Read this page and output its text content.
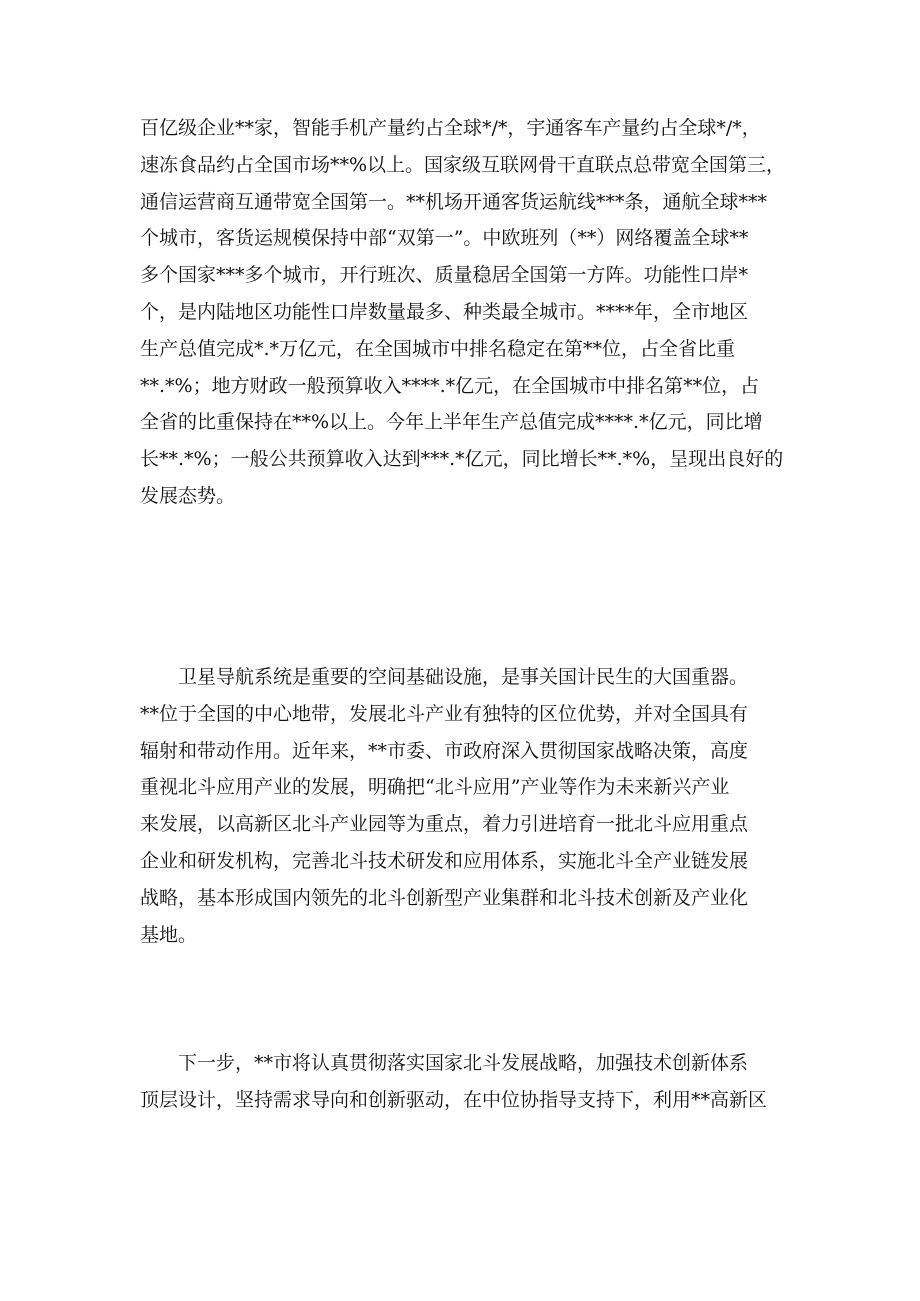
百亿级企业**家，智能手机产量约占全球*/*，宇通客车产量约占全球*/*，
速冻食品约占全国市场**%以上。国家级互联网骨干直联点总带宽全国第三，
通信运营商互通带宽全国第一。**机场开通客货运航线***条，通航全球***
个城市，客货运规模保持中部“双第一”。中欧班列（**）网络覆盖全球**
多个国家***多个城市，开行班次、质量稳居全国第一方阵。功能性口岸*
个，是内陆地区功能性口岸数量最多、种类最全城市。****年，全市地区
生产总值完成*.*万亿元，在全国城市中排名稳定在第**位，占全省比重
**.*%；地方财政一般预算收入****.*亿元，在全国城市中排名第**位，占
全省的比重保持在**%以上。今年上半年生产总值完成****.*亿元，同比增
长**.*%；一般公共预算收入达到***.*亿元，同比增长**.*%，呈现出良好的
发展态势。
卫星导航系统是重要的空间基础设施，是事关国计民生的大国重器。
**位于全国的中心地带，发展北斗产业有独特的区位优势，并对全国具有
辐射和带动作用。近年来，**市委、市政府深入贯彻国家战略决策，高度
重视北斗应用产业的发展，明确把“北斗应用”产业等作为未来新兴产业
来发展，以高新区北斗产业园等为重点，着力引进培育一批北斗应用重点
企业和研发机构，完善北斗技术研发和应用体系，实施北斗全产业链发展
战略，基本形成国内领先的北斗创新型产业集群和北斗技术创新及产业化
基地。
下一步，**市将认真贯彻落实国家北斗发展战略，加强技术创新体系
顶层设计，坚持需求导向和创新驱动，在中位协指导支持下，利用**高新区
